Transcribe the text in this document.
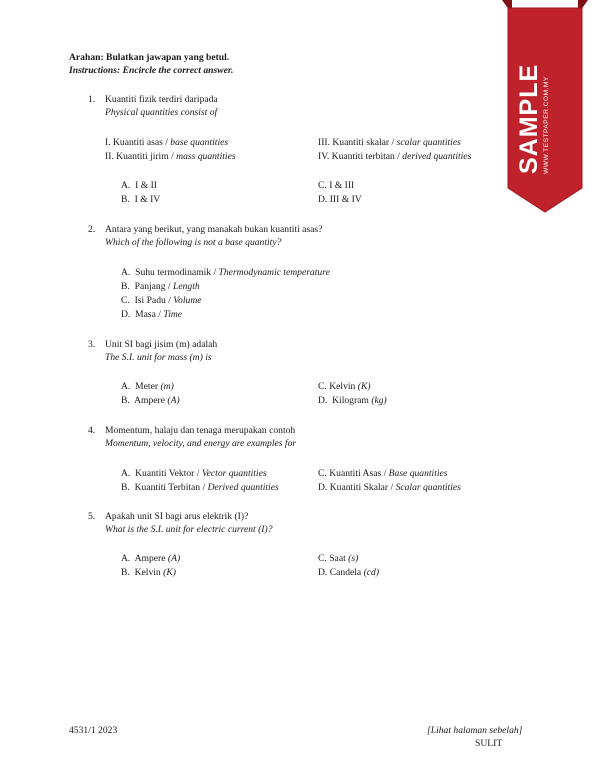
Arahan: Bulatkan jawapan yang betul.
Instructions: Encircle the correct answer.
1. Kuantiti fizik terdiri daripada
Physical quantities consist of
I. Kuantiti asas / base quantities
II. Kuantiti jirim / mass quantities
III. Kuantiti skalar / scalar quantities
IV. Kuantiti terbitan / derived quantities
A. I & II
B. I & IV
C. I & III
D. III & IV
2. Antara yang berikut, yang manakah bukan kuantiti asas?
Which of the following is not a base quantity?
A. Suhu termodinamik / Thermodynamic temperature
B. Panjang / Length
C. Isi Padu / Volume
D. Masa / Time
3. Unit SI bagi jisim (m) adalah
The S.I. unit for mass (m) is
A. Meter (m)
B. Ampere (A)
C. Kelvin (K)
D. Kilogram (kg)
4. Momentum, halaju dan tenaga merupakan contoh
Momentum, velocity, and energy are examples for
A. Kuantiti Vektor / Vector quantities
B. Kuantiti Terbitan / Derived quantities
C. Kuantiti Asas / Base quantities
D. Kuantiti Skalar / Scalar quantities
5. Apakah unit SI bagi arus elektrik (I)?
What is the S.I. unit for electric current (I)?
A. Ampere (A)
B. Kelvin (K)
C. Saat (s)
D. Candela (cd)
4531/1 2023	[Lihat halaman sebelah]
SULIT
SAMPLE WWW.TESTPAPER.COM.MY
